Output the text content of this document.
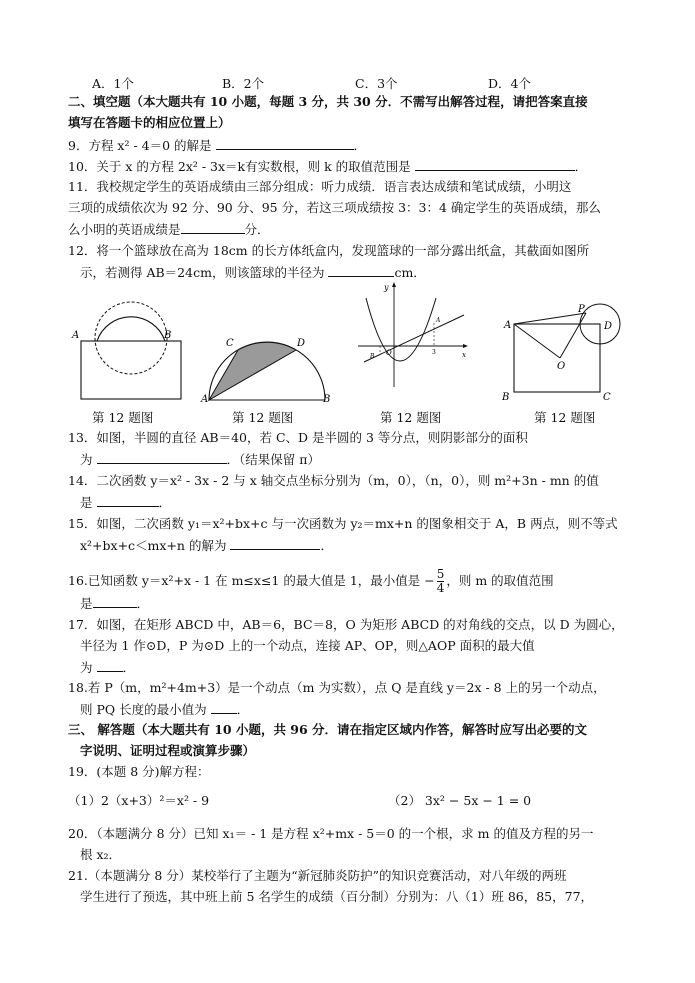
A．1个	B．2个	C．3个	D．4个
二、填空题（本大题共有 10 小题，每题 3 分，共 30 分．不需写出解答过程，请把答案直接
填写在答题卡的相应位置上）
9．方程 x² - 4＝0 的解是	．
10．关于 x 的方程 2x² - 3x＝k有实数根，则 k 的取值范围是	．
11．我校规定学生的英语成绩由三部分组成：听力成绩．语言表达成绩和笔试成绩，小明这
三项的成绩依次为 92 分、90 分、95 分，若这三项成绩按 3：3：4 确定学生的英语成绩，那么
么小明的英语成绩是	分．
12．将一个篮球放在高为 18cm 的长方体纸盒内，发现篮球的一部分露出纸盒，其截面如图所
示，若测得 AB＝24cm，则该篮球的半径为	cm．
A	B
C	D
A	B
y
x
O
B
A
3
A
P
D
O
B	C
第 12 题图	第 12 题图	第 12 题图	第 12 题图
13．如图，半圆的直径 AB＝40，若 C、D 是半圆的 3 等分点，则阴影部分的面积
为	．（结果保留 π）
14．二次函数 y＝x² - 3x - 2 与 x 轴交点坐标分别为（m，0），（n，0），则 m²+3n - mn 的值
是	．
15．如图，二次函数 y₁＝x²+bx+c 与一次函数为 y₂＝mx+n 的图象相交于 A，B 两点，则不等式
x²+bx+c＜mx+n 的解为	．
16.已知函数 y＝x²+x - 1 在 m≤x≤1 的最大值是 1，最小值是 − $\frac{5}{4}$ ，则 m 的取值范围
是	．
17．如图，在矩形 ABCD 中，AB＝6，BC＝8，O 为矩形 ABCD 的对角线的交点，以 D 为圆心，
半径为 1 作⊙D，P 为⊙D 上的一个动点，连接 AP、OP，则△AOP 面积的最大值
为 ．
18.若 P（m，m²+4m+3）是一个动点（m 为实数），点 Q 是直线 y＝2x - 8 上的另一个动点，
则 PQ 长度的最小值为 ．
三、 解答题（本大题共有 10 小题，共 96 分．请在指定区域内作答，解答时应写出必要的文
字说明、证明过程或演算步骤）
19．(本题 8 分)解方程：
（1）2（x+3）²＝x² - 9	（2） 3x² − 5x − 1 = 0
20．（本题满分 8 分）已知 x₁＝ - 1 是方程 x²+mx - 5＝0 的一个根，求 m 的值及方程的另一
根 x₂．
21.（本题满分 8 分）某校举行了主题为“新冠肺炎防护”的知识竞赛活动，对八年级的两班
学生进行了预选，其中班上前 5 名学生的成绩（百分制）分别为：八（1）班 86，85，77，
